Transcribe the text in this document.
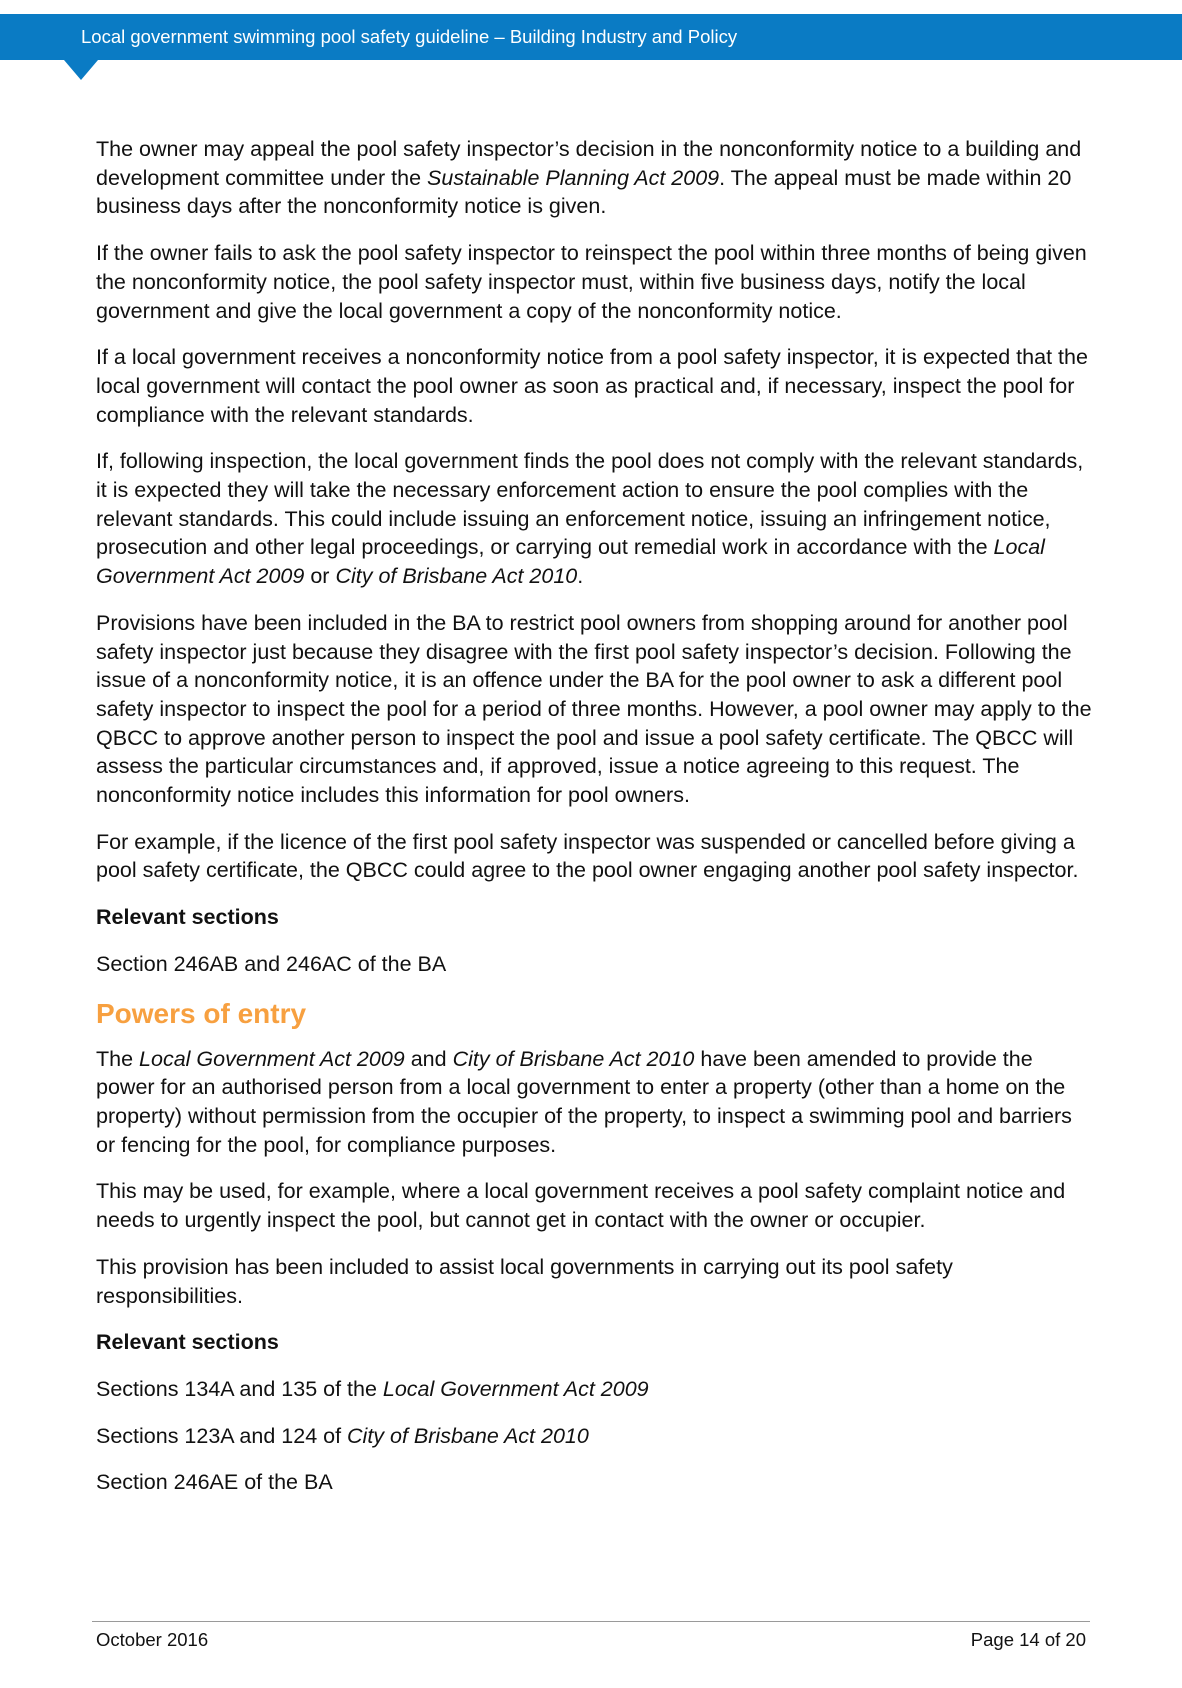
Local government swimming pool safety guideline – Building Industry and Policy

The owner may appeal the pool safety inspector’s decision in the nonconformity notice to a building and development committee under the Sustainable Planning Act 2009. The appeal must be made within 20 business days after the nonconformity notice is given.

If the owner fails to ask the pool safety inspector to reinspect the pool within three months of being given the nonconformity notice, the pool safety inspector must, within five business days, notify the local government and give the local government a copy of the nonconformity notice.

If a local government receives a nonconformity notice from a pool safety inspector, it is expected that the local government will contact the pool owner as soon as practical and, if necessary, inspect the pool for compliance with the relevant standards.

If, following inspection, the local government finds the pool does not comply with the relevant standards, it is expected they will take the necessary enforcement action to ensure the pool complies with the relevant standards. This could include issuing an enforcement notice, issuing an infringement notice, prosecution and other legal proceedings, or carrying out remedial work in accordance with the Local Government Act 2009 or City of Brisbane Act 2010.

Provisions have been included in the BA to restrict pool owners from shopping around for another pool safety inspector just because they disagree with the first pool safety inspector’s decision. Following the issue of a nonconformity notice, it is an offence under the BA for the pool owner to ask a different pool safety inspector to inspect the pool for a period of three months. However, a pool owner may apply to the QBCC to approve another person to inspect the pool and issue a pool safety certificate. The QBCC will assess the particular circumstances and, if approved, issue a notice agreeing to this request. The nonconformity notice includes this information for pool owners.

For example, if the licence of the first pool safety inspector was suspended or cancelled before giving a pool safety certificate, the QBCC could agree to the pool owner engaging another pool safety inspector.

Relevant sections

Section 246AB and 246AC of the BA

Powers of entry

The Local Government Act 2009 and City of Brisbane Act 2010 have been amended to provide the power for an authorised person from a local government to enter a property (other than a home on the property) without permission from the occupier of the property, to inspect a swimming pool and barriers or fencing for the pool, for compliance purposes.

This may be used, for example, where a local government receives a pool safety complaint notice and needs to urgently inspect the pool, but cannot get in contact with the owner or occupier.

This provision has been included to assist local governments in carrying out its pool safety responsibilities.

Relevant sections

Sections 134A and 135 of the Local Government Act 2009

Sections 123A and 124 of City of Brisbane Act 2010

Section 246AE of the BA

October 2016	Page 14 of 20
